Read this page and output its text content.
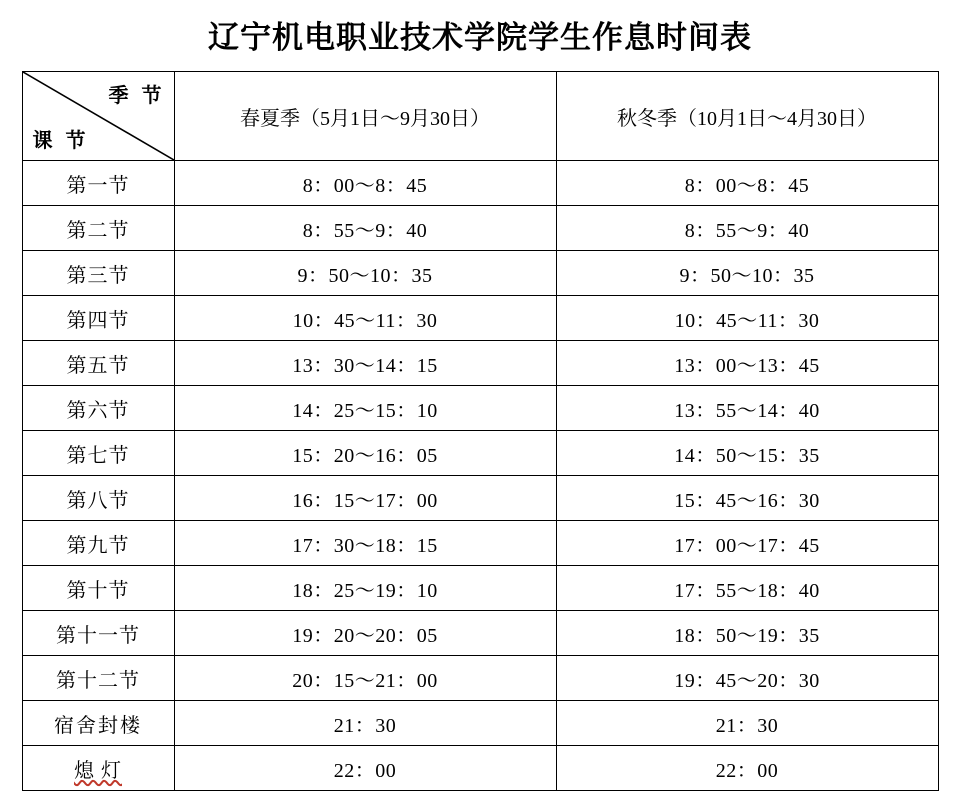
辽宁机电职业技术学院学生作息时间表
季 节
课 节	春夏季（5月1日～9月30日）	秋冬季（10月1日～4月30日）
第一节	8：00～8：45	8：00～8：45
第二节	8：55～9：40	8：55～9：40
第三节	9：50～10：35	9：50～10：35
第四节	10：45～11：30	10：45～11：30
第五节	13：30～14：15	13：00～13：45
第六节	14：25～15：10	13：55～14：40
第七节	15：20～16：05	14：50～15：35
第八节	16：15～17：00	15：45～16：30
第九节	17：30～18：15	17：00～17：45
第十节	18：25～19：10	17：55～18：40
第十一节	19：20～20：05	18：50～19：35
第十二节	20：15～21：00	19：45～20：30
宿舍封楼	21：30	21：30
熄 灯	22：00	22：00
